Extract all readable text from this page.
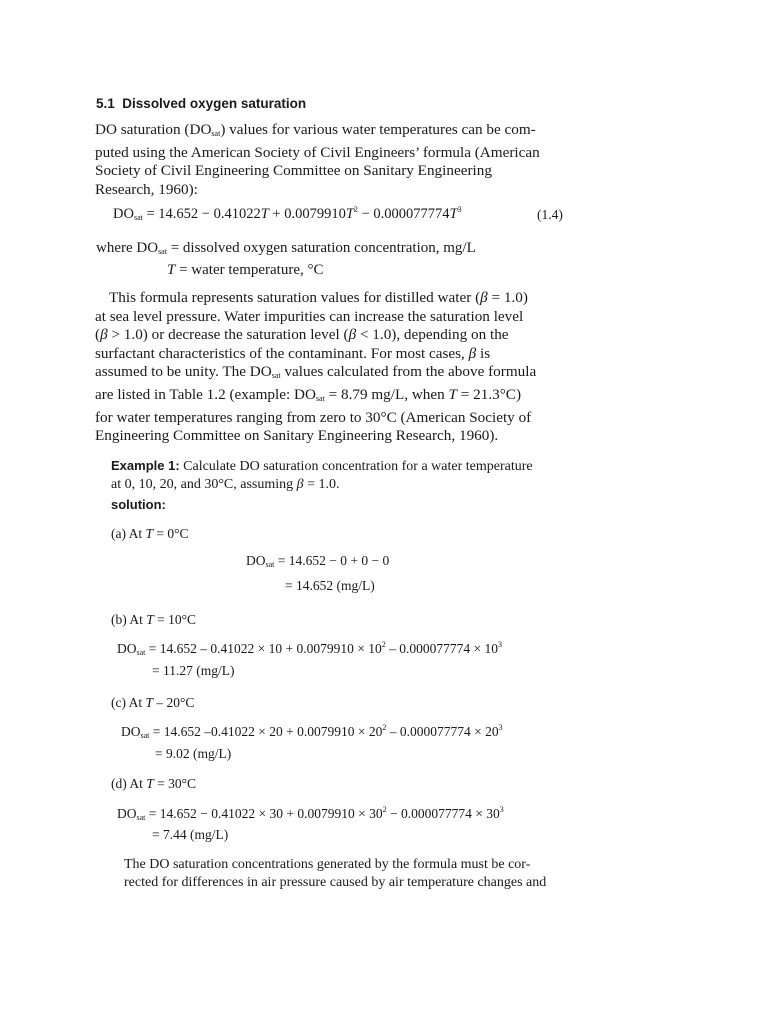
5.1 Dissolved oxygen saturation

DO saturation $(DO_{sat})$ values for various water temperatures can be com-

puted using the American Society of Civil Engineers’ formula (American

Society of Civil Engineering Committee on Sanitary Engineering

Research, 1960):

$DO_{sat} = 14.652 - 0.41022T + 0.0079910T^2 - 0.000077774T^3$	(1.4)
where $DO_{sat}$ = dissolved oxygen saturation concentration, mg/L
T = water temperature, °C

This formula represents saturation values for distilled water (β = 1.0)

at sea level pressure. Water impurities can increase the saturation level

(β > 1.0) or decrease the saturation level (β < 1.0), depending on the

surfactant characteristics of the contaminant. For most cases, β is

assumed to be unity. The $DO_{sat}$ values calculated from the above formula

are listed in Table 1.2 (example: $DO_{sat} = 8.79$ mg/L, when T = 21.3°C)

for water temperatures ranging from zero to 30°C (American Society of

Engineering Committee on Sanitary Engineering Research, 1960).

Example 1: Calculate DO saturation concentration for a water temperature
at 0, 10, 20, and 30°C, assuming β = 1.0.
solution:
(a) At T = 0°C
$DO_{sat} = 14.652 - 0 + 0 - 0$
= 14.652 (mg/L)
(b) At T = 10°C
$DO_{sat} = 14.652 - 0.41022 \times 10 + 0.0079910 \times 10^2 - 0.000077774 \times 10^3$
= 11.27 (mg/L)
(c) At T – 20°C
$DO_{sat} = 14.652$ $-0.41022 \times 20 + 0.0079910 \times 20^2 - 0.000077774 \times 20^3$
= 9.02 (mg/L)
(d) At T = 30°C
$DO_{sat} = 14.652 - 0.41022 \times 30 + 0.0079910 \times 30^2 - 0.000077774 \times 30^3$
= 7.44 (mg/L)
The DO saturation concentrations generated by the formula must be cor-
rected for differences in air pressure caused by air temperature changes and
